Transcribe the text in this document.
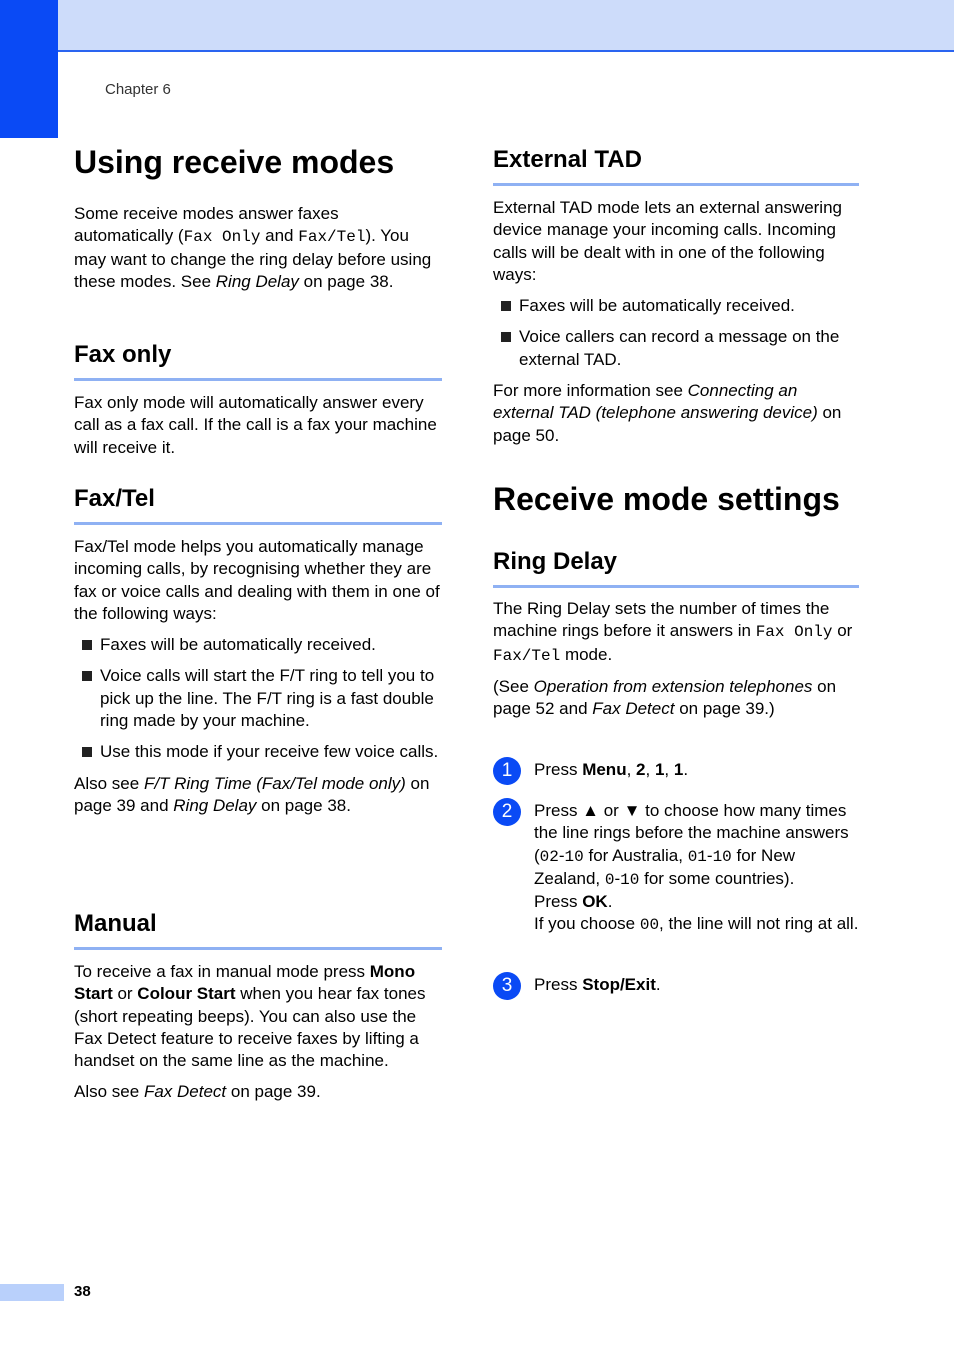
Chapter 6
Using receive modes

Some receive modes answer faxes automatically (Fax Only and Fax/Tel). You may want to change the ring delay before using these modes. See Ring Delay on page 38.

Fax only

Fax only mode will automatically answer every call as a fax call. If the call is a fax your machine will receive it.

Fax/Tel

Fax/Tel mode helps you automatically manage incoming calls, by recognising whether they are fax or voice calls and dealing with them in one of the following ways:

Faxes will be automatically received.
Voice calls will start the F/T ring to tell you to pick up the line. The F/T ring is a fast double ring made by your machine.
Use this mode if your receive few voice calls.

Also see F/T Ring Time (Fax/Tel mode only) on page 39 and Ring Delay on page 38.

Manual

To receive a fax in manual mode press Mono Start or Colour Start when you hear fax tones (short repeating beeps). You can also use the Fax Detect feature to receive faxes by lifting a handset on the same line as the machine.

Also see Fax Detect on page 39.

External TAD

External TAD mode lets an external answering device manage your incoming calls. Incoming calls will be dealt with in one of the following ways:

Faxes will be automatically received.
Voice callers can record a message on the external TAD.

For more information see Connecting an external TAD (telephone answering device) on page 50.

Receive mode settings
Ring Delay

The Ring Delay sets the number of times the machine rings before it answers in Fax Only or Fax/Tel mode.

(See Operation from extension telephones on page 52 and Fax Detect on page 39.)

1	Press Menu, 2, 1, 1.
2	Press ▲ or ▼ to choose how many times the line rings before the machine answers (02-10 for Australia, 01-10 for New Zealand, 0-10 for some countries).
Press OK.
If you choose 00, the line will not ring at all.
3	Press Stop/Exit.
38
